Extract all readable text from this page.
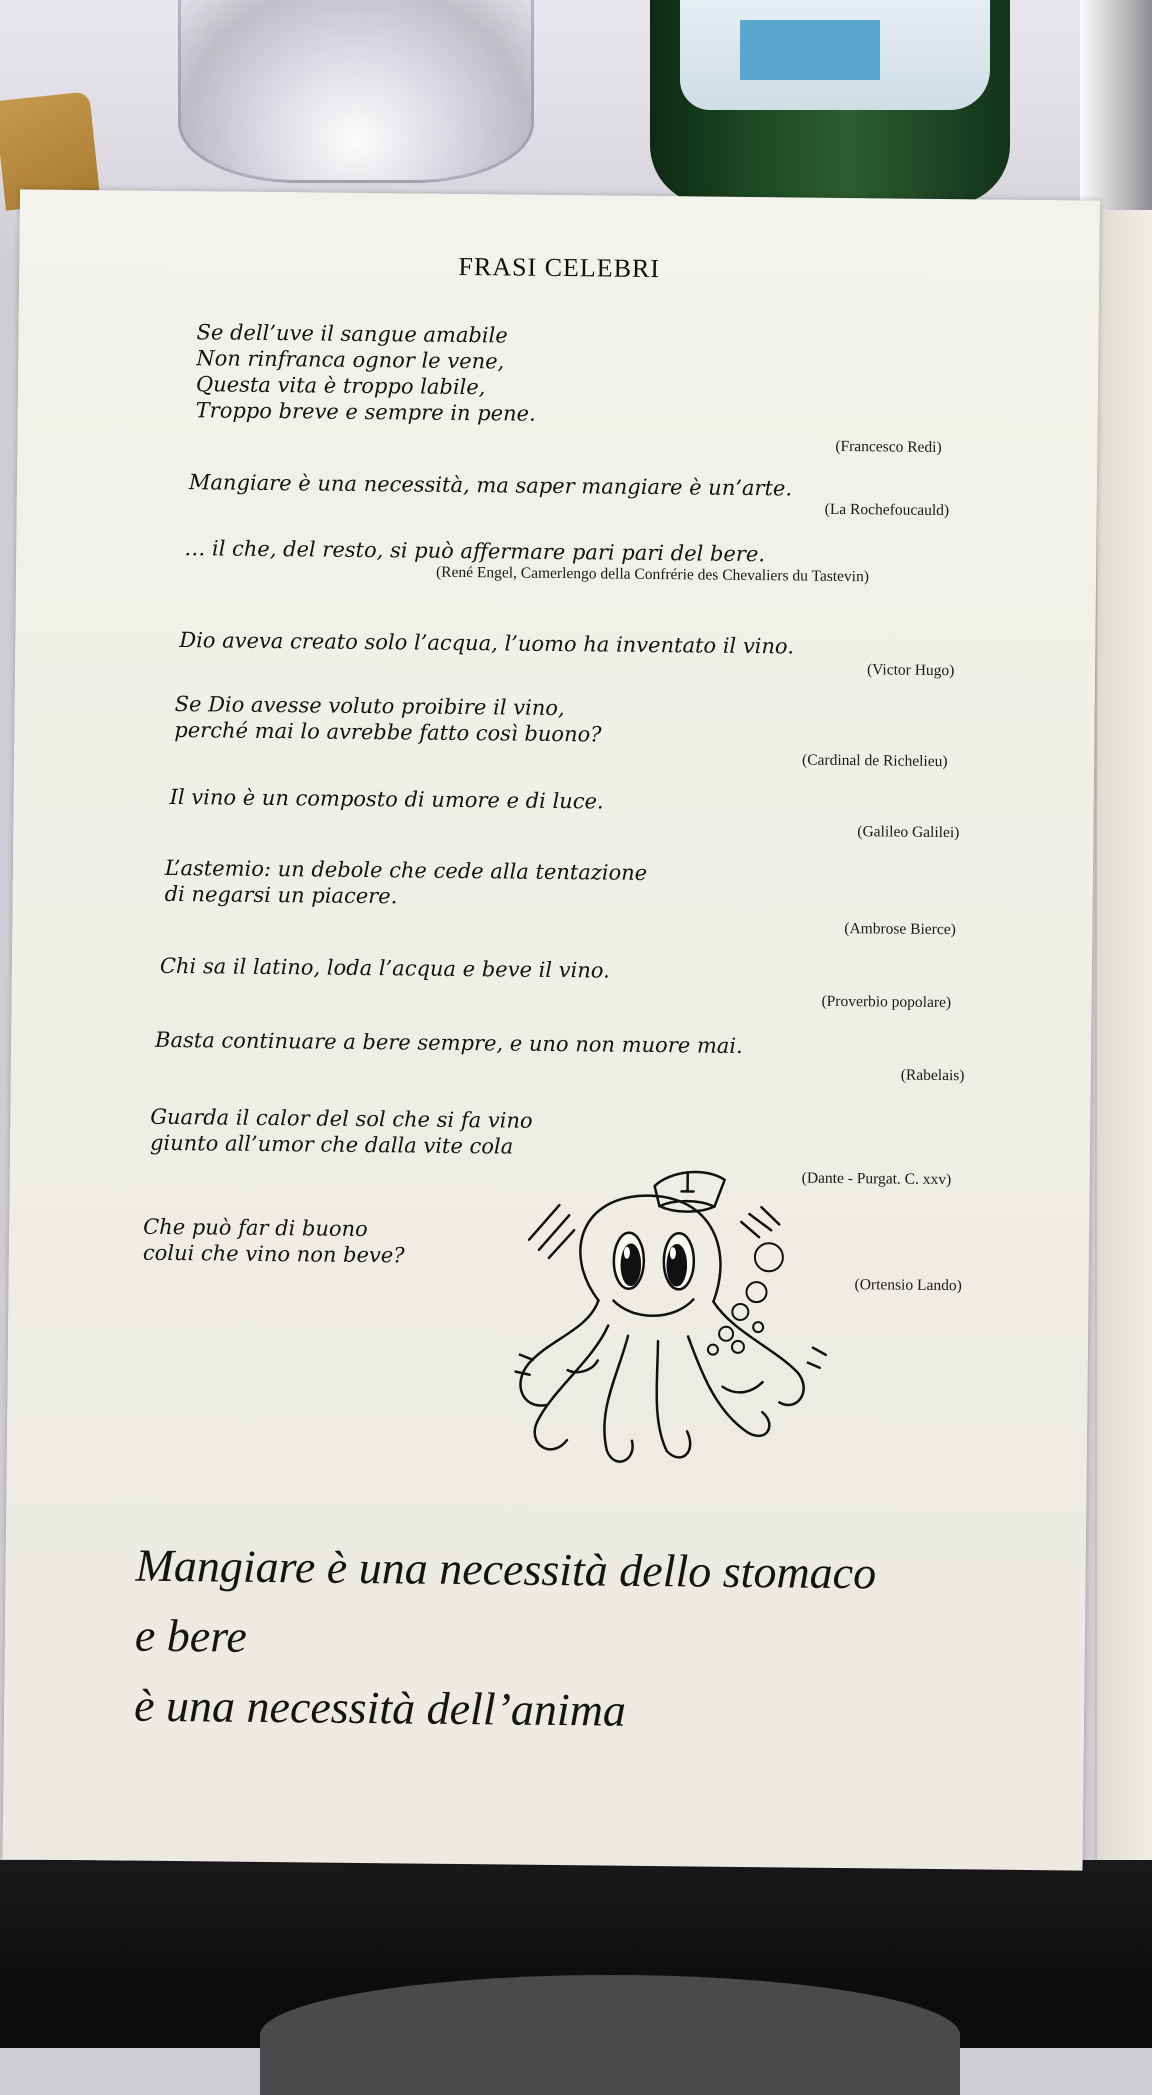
FRASI CELEBRI
Se dell’uve il sangue amabile
Non rinfranca ognor le vene,
Questa vita è troppo labile,
Troppo breve e sempre in pene.
(Francesco Redi)
Mangiare è una necessità, ma saper mangiare è un’arte.
(La Rochefoucauld)
… il che, del resto, si può affermare pari pari del bere.
(René Engel, Camerlengo della Confrérie des Chevaliers du Tastevin)
Dio aveva creato solo l’acqua, l’uomo ha inventato il vino.
(Victor Hugo)
Se Dio avesse voluto proibire il vino,
perché mai lo avrebbe fatto così buono?
(Cardinal de Richelieu)
Il vino è un composto di umore e di luce.
(Galileo Galilei)
L’astemio: un debole che cede alla tentazione
di negarsi un piacere.
(Ambrose Bierce)
Chi sa il latino, loda l’acqua e beve il vino.
(Proverbio popolare)
Basta continuare a bere sempre, e uno non muore mai.
(Rabelais)
Guarda il calor del sol che si fa vino
giunto all’umor che dalla vite cola
(Dante - Purgat. C. xxv)
Che può far di buono
colui che vino non beve?
(Ortensio Lando)
Mangiare è una necessità dello stomaco
e bere
è una necessità dell’anima
